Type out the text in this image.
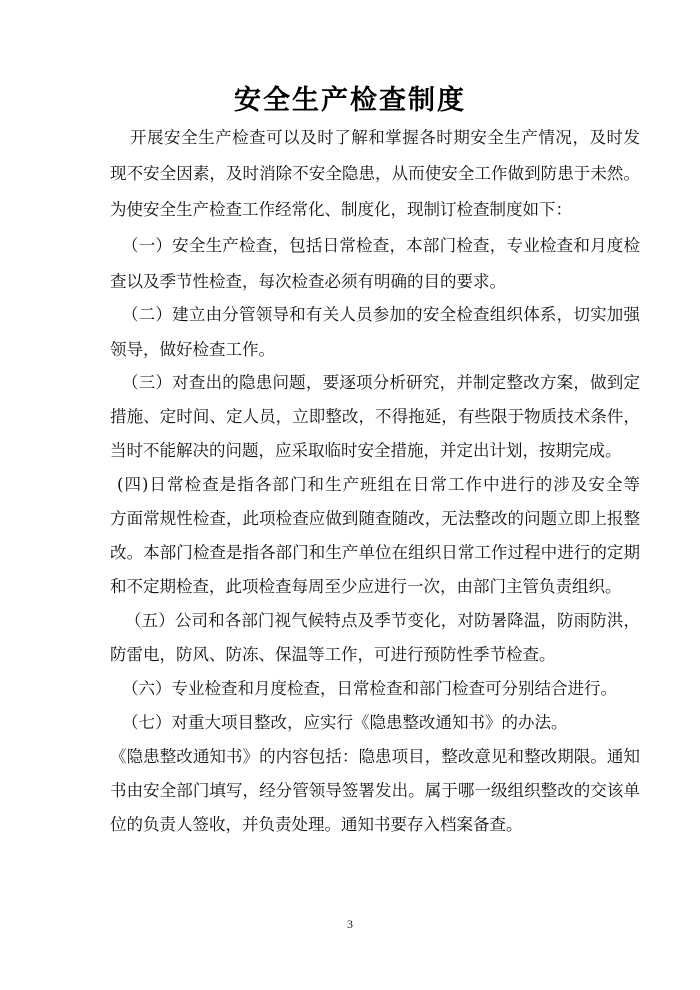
安全生产检查制度
开展安全生产检查可以及时了解和掌握各时期安全生产情况，及时发
现不安全因素，及时消除不安全隐患，从而使安全工作做到防患于未然。
为使安全生产检查工作经常化、制度化，现制订检查制度如下：
（一）安全生产检查，包括日常检查，本部门检查，专业检查和月度检
查以及季节性检查，每次检查必须有明确的目的要求。
（二）建立由分管领导和有关人员参加的安全检查组织体系，切实加强
领导，做好检查工作。
（三）对查出的隐患问题，要逐项分析研究，并制定整改方案，做到定
措施、定时间、定人员，立即整改，不得拖延，有些限于物质技术条件，
当时不能解决的问题，应采取临时安全措施，并定出计划，按期完成。
(四)日常检查是指各部门和生产班组在日常工作中进行的涉及安全等
方面常规性检查，此项检查应做到随查随改，无法整改的问题立即上报整
改。本部门检查是指各部门和生产单位在组织日常工作过程中进行的定期
和不定期检查，此项检查每周至少应进行一次，由部门主管负责组织。
（五）公司和各部门视气候特点及季节变化，对防暑降温，防雨防洪，
防雷电，防风、防冻、保温等工作，可进行预防性季节检查。
（六）专业检查和月度检查，日常检查和部门检查可分别结合进行。
（七）对重大项目整改，应实行《隐患整改通知书》的办法。
《隐患整改通知书》的内容包括：隐患项目，整改意见和整改期限。通知
书由安全部门填写，经分管领导签署发出。属于哪一级组织整改的交该单
位的负责人签收，并负责处理。通知书要存入档案备查。
3
